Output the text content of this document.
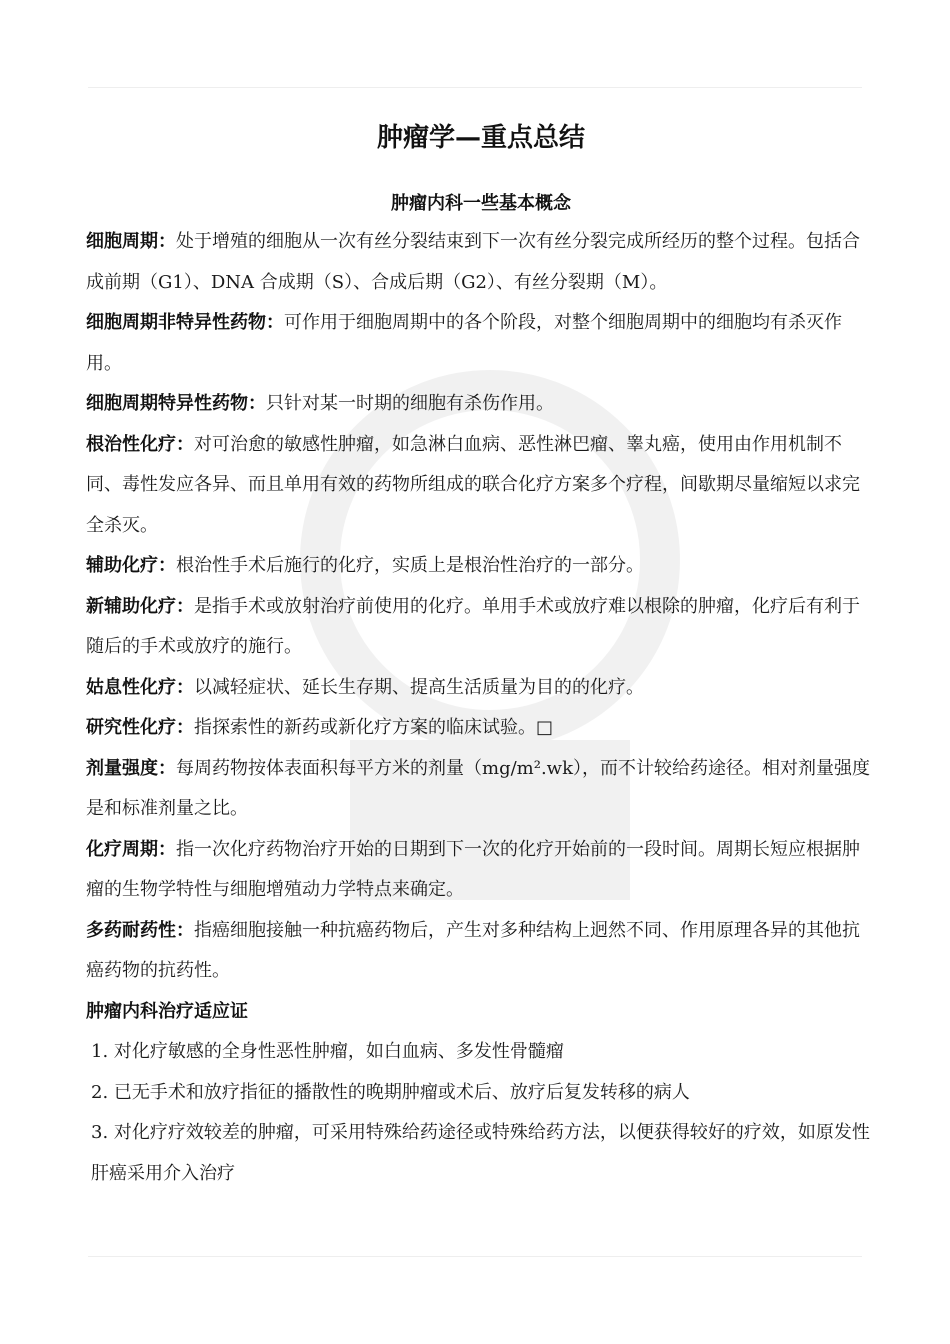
肿瘤学—重点总结
肿瘤内科一些基本概念

细胞周期：处于增殖的细胞从一次有丝分裂结束到下一次有丝分裂完成所经历的整个过程。包括合成前期（G1）、DNA 合成期（S）、合成后期（G2）、有丝分裂期（M）。

细胞周期非特异性药物：可作用于细胞周期中的各个阶段，对整个细胞周期中的细胞均有杀灭作用。

细胞周期特异性药物：只针对某一时期的细胞有杀伤作用。

根治性化疗：对可治愈的敏感性肿瘤，如急淋白血病、恶性淋巴瘤、睾丸癌，使用由作用机制不同、毒性发应各异、而且单用有效的药物所组成的联合化疗方案多个疗程，间歇期尽量缩短以求完全杀灭。

辅助化疗：根治性手术后施行的化疗，实质上是根治性治疗的一部分。

新辅助化疗：是指手术或放射治疗前使用的化疗。单用手术或放疗难以根除的肿瘤，化疗后有利于随后的手术或放疗的施行。

姑息性化疗：以减轻症状、延长生存期、提高生活质量为目的的化疗。

研究性化疗：指探索性的新药或新化疗方案的临床试验。□

剂量强度：每周药物按体表面积每平方米的剂量（mg/m².wk），而不计较给药途径。相对剂量强度是和标准剂量之比。

化疗周期：指一次化疗药物治疗开始的日期到下一次的化疗开始前的一段时间。周期长短应根据肿瘤的生物学特性与细胞增殖动力学特点来确定。

多药耐药性：指癌细胞接触一种抗癌药物后，产生对多种结构上迥然不同、作用原理各异的其他抗癌药物的抗药性。

肿瘤内科治疗适应证

1. 对化疗敏感的全身性恶性肿瘤，如白血病、多发性骨髓瘤
2. 已无手术和放疗指征的播散性的晚期肿瘤或术后、放疗后复发转移的病人
3. 对化疗疗效较差的肿瘤，可采用特殊给药途径或特殊给药方法，以便获得较好的疗效，如原发性肝癌采用介入治疗
